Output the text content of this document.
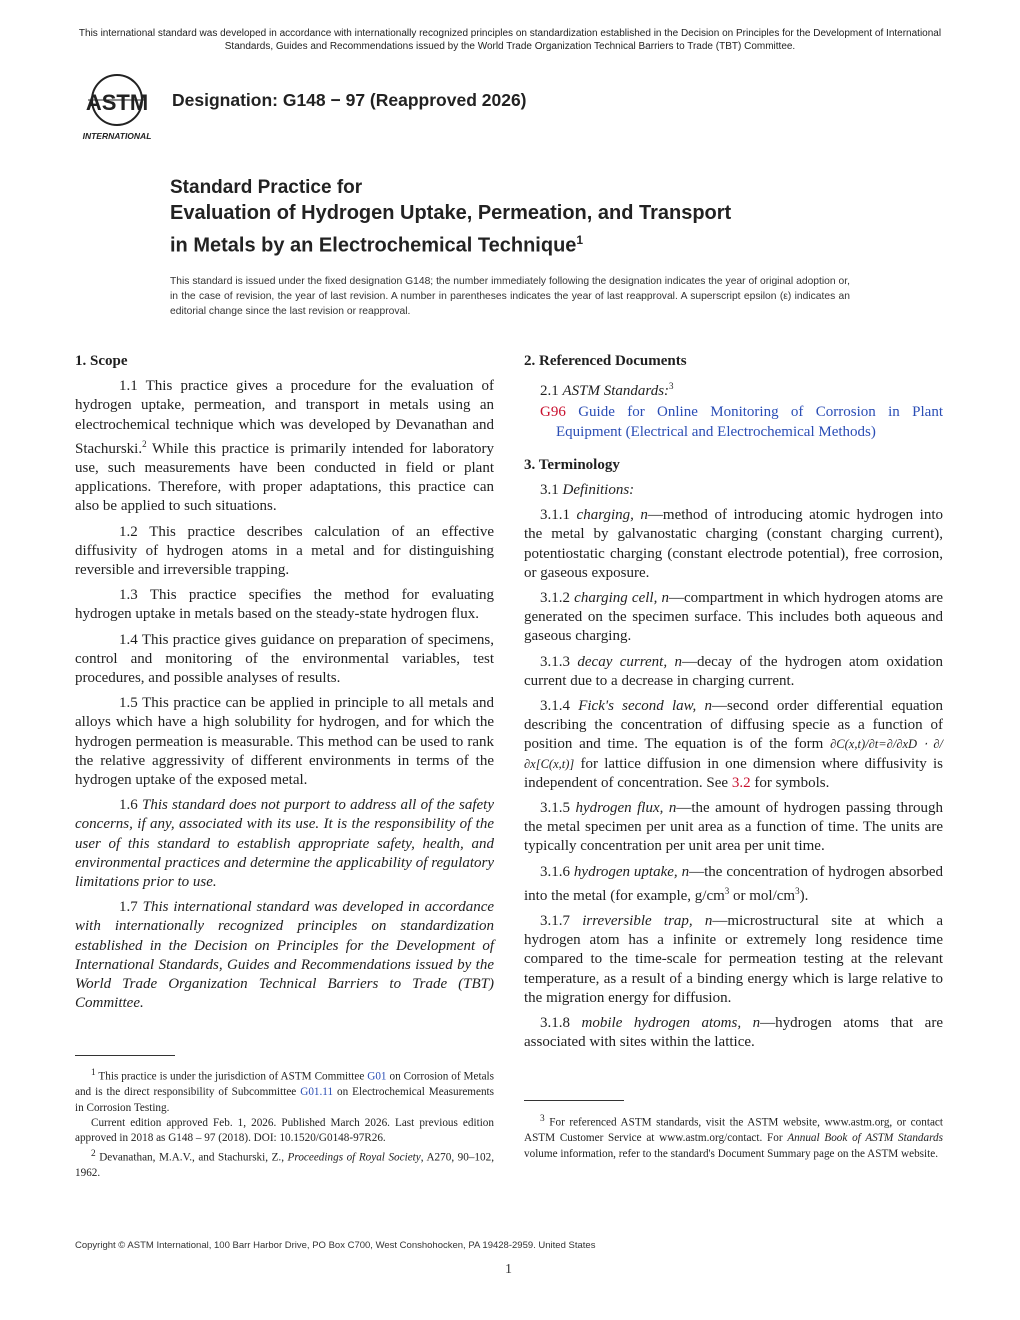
This international standard was developed in accordance with internationally recognized principles on standardization established in the Decision on Principles for the Development of International Standards, Guides and Recommendations issued by the World Trade Organization Technical Barriers to Trade (TBT) Committee.
ASTM
INTERNATIONAL
Designation: G148 − 97 (Reapproved 2026)
Standard Practice for
Evaluation of Hydrogen Uptake, Permeation, and Transport
in Metals by an Electrochemical Technique$^1$
This standard is issued under the fixed designation G148; the number immediately following the designation indicates the year of original adoption or, in the case of revision, the year of last revision. A number in parentheses indicates the year of last reapproval. A superscript epsilon (ε) indicates an editorial change since the last revision or reapproval.
1. Scope

1.1 This practice gives a procedure for the evaluation of hydrogen uptake, permeation, and transport in metals using an electrochemical technique which was developed by Devanathan and Stachurski.$^2$ While this practice is primarily intended for laboratory use, such measurements have been conducted in field or plant applications. Therefore, with proper adaptations, this practice can also be applied to such situations.

1.2 This practice describes calculation of an effective diffusivity of hydrogen atoms in a metal and for distinguishing reversible and irreversible trapping.

1.3 This practice specifies the method for evaluating hydrogen uptake in metals based on the steady-state hydrogen flux.

1.4 This practice gives guidance on preparation of specimens, control and monitoring of the environmental variables, test procedures, and possible analyses of results.

1.5 This practice can be applied in principle to all metals and alloys which have a high solubility for hydrogen, and for which the hydrogen permeation is measurable. This method can be used to rank the relative aggressivity of different environments in terms of the hydrogen uptake of the exposed metal.

1.6 This standard does not purport to address all of the safety concerns, if any, associated with its use. It is the responsibility of the user of this standard to establish appropriate safety, health, and environmental practices and determine the applicability of regulatory limitations prior to use.

1.7 This international standard was developed in accordance with internationally recognized principles on standardization established in the Decision on Principles for the Development of International Standards, Guides and Recommendations issued by the World Trade Organization Technical Barriers to Trade (TBT) Committee.

2. Referenced Documents

2.1 ASTM Standards:$^3$

G96 Guide for Online Monitoring of Corrosion in Plant Equipment (Electrical and Electrochemical Methods)

3. Terminology

3.1 Definitions:

3.1.1 charging, n—method of introducing atomic hydrogen into the metal by galvanostatic charging (constant charging current), potentiostatic charging (constant electrode potential), free corrosion, or gaseous exposure.

3.1.2 charging cell, n—compartment in which hydrogen atoms are generated on the specimen surface. This includes both aqueous and gaseous charging.

3.1.3 decay current, n—decay of the hydrogen atom oxidation current due to a decrease in charging current.

3.1.4 Fick's second law, n—second order differential equation describing the concentration of diffusing specie as a function of position and time. The equation is of the form ∂C(x,t)/∂t=∂/∂xD ⋅ ∂/∂x[C(x,t)] for lattice diffusion in one dimension where diffusivity is independent of concentration. See 3.2 for symbols.

3.1.5 hydrogen flux, n—the amount of hydrogen passing through the metal specimen per unit area as a function of time. The units are typically concentration per unit area per unit time.

3.1.6 hydrogen uptake, n—the concentration of hydrogen absorbed into the metal (for example, g/cm$^3$ or mol/cm$^3$).

3.1.7 irreversible trap, n—microstructural site at which a hydrogen atom has a infinite or extremely long residence time compared to the time-scale for permeation testing at the relevant temperature, as a result of a binding energy which is large relative to the migration energy for diffusion.

3.1.8 mobile hydrogen atoms, n—hydrogen atoms that are associated with sites within the lattice.

$^1$ This practice is under the jurisdiction of ASTM Committee G01 on Corrosion of Metals and is the direct responsibility of Subcommittee G01.11 on Electrochemical Measurements in Corrosion Testing.

Current edition approved Feb. 1, 2026. Published March 2026. Last previous edition approved in 2018 as G148 – 97 (2018). DOI: 10.1520/G0148-97R26.

$^2$ Devanathan, M.A.V., and Stachurski, Z., Proceedings of Royal Society, A270, 90–102, 1962.

$^3$ For referenced ASTM standards, visit the ASTM website, www.astm.org, or contact ASTM Customer Service at www.astm.org/contact. For Annual Book of ASTM Standards volume information, refer to the standard's Document Summary page on the ASTM website.

Copyright © ASTM International, 100 Barr Harbor Drive, PO Box C700, West Conshohocken, PA 19428-2959. United States
1
